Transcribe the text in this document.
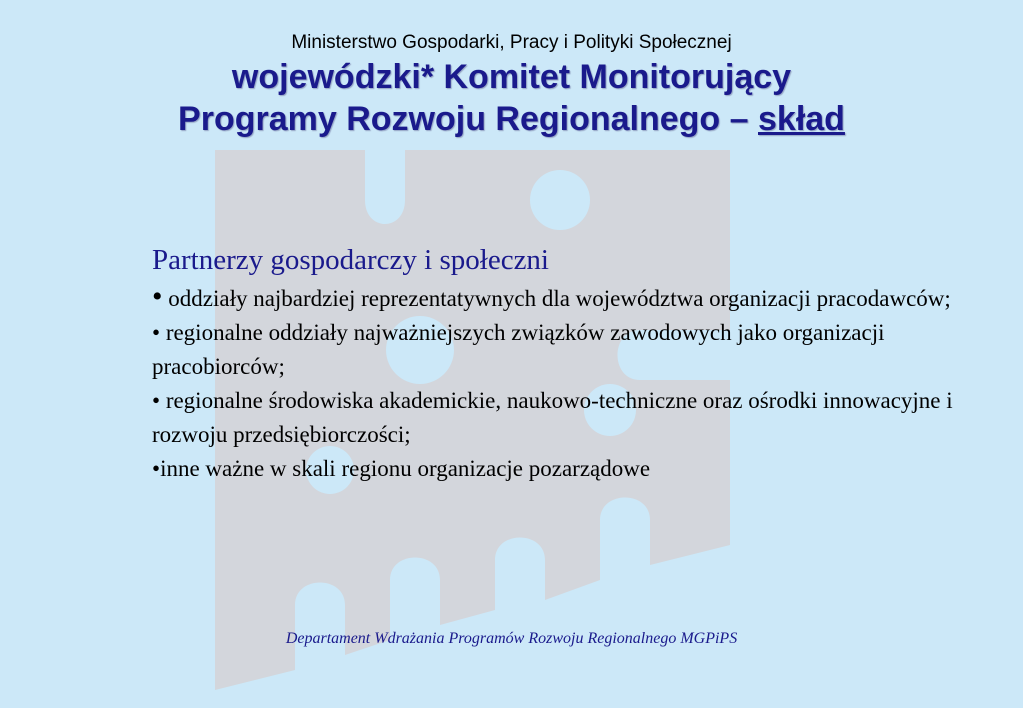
Ministerstwo Gospodarki, Pracy i Polityki Społecznej
wojewódzki* Komitet Monitorujący
Programy Rozwoju Regionalnego – skład
Partnerzy gospodarczy i społeczni
• oddziały najbardziej reprezentatywnych dla województwa organizacji pracodawców;
• regionalne oddziały najważniejszych związków zawodowych jako organizacji pracobiorców;
• regionalne środowiska akademickie, naukowo-techniczne oraz ośrodki innowacyjne i rozwoju przedsiębiorczości;
•inne ważne w skali regionu organizacje pozarządowe
Departament Wdrażania Programów Rozwoju Regionalnego MGPiPS
